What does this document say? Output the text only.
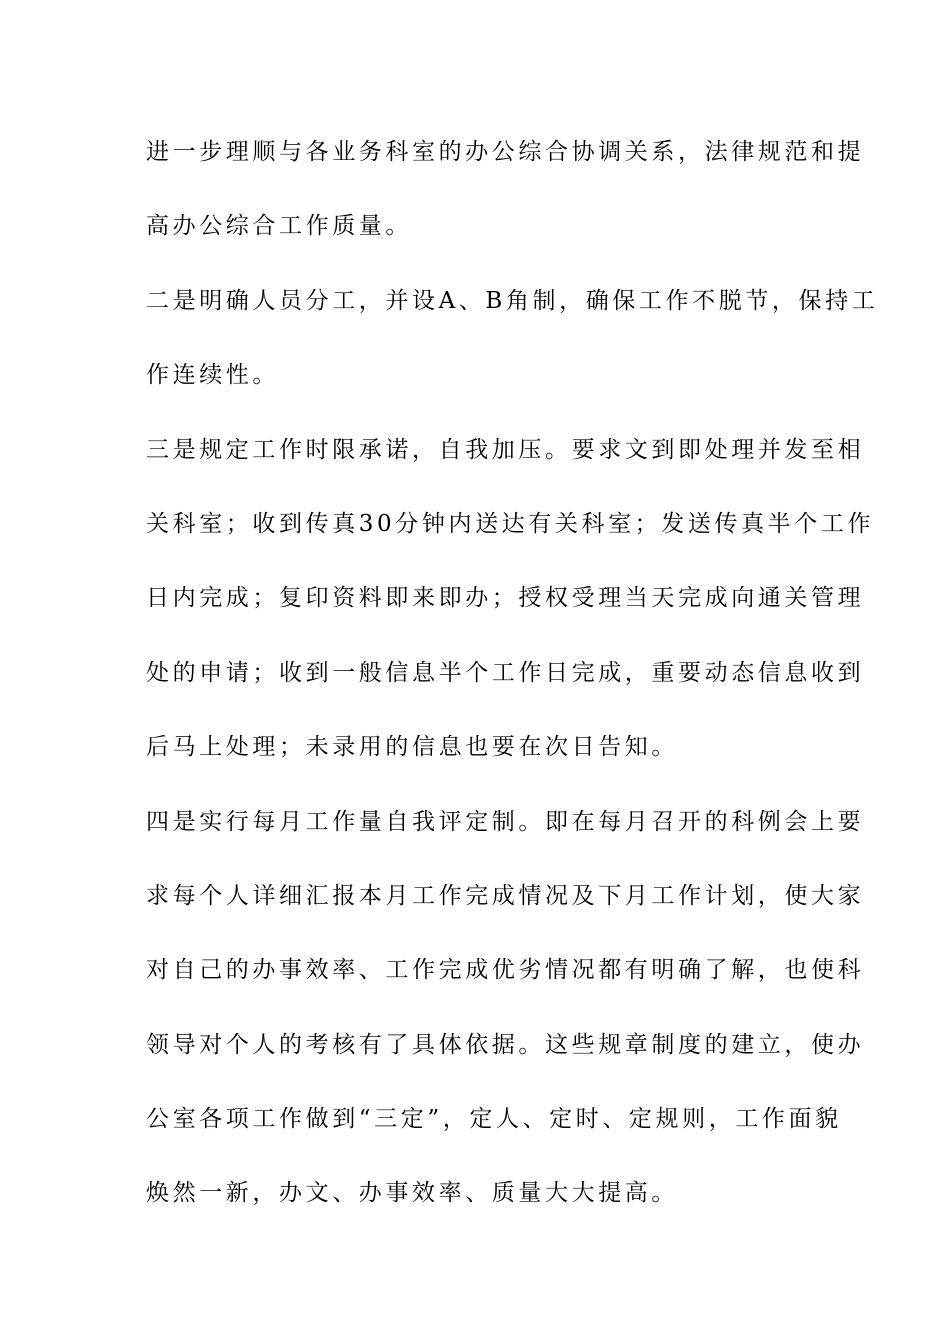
进一步理顺与各业务科室的办公综合协调关系，法律规范和提
高办公综合工作质量。
二是明确人员分工，并设A、B角制，确保工作不脱节，保持工
作连续性。
三是规定工作时限承诺，自我加压。要求文到即处理并发至相
关科室；收到传真30分钟内送达有关科室；发送传真半个工作
日内完成；复印资料即来即办；授权受理当天完成向通关管理
处的申请；收到一般信息半个工作日完成，重要动态信息收到
后马上处理；未录用的信息也要在次日告知。
四是实行每月工作量自我评定制。即在每月召开的科例会上要
求每个人详细汇报本月工作完成情况及下月工作计划，使大家
对自己的办事效率、工作完成优劣情况都有明确了解，也使科
领导对个人的考核有了具体依据。这些规章制度的建立，使办
公室各项工作做到“三定”，定人、定时、定规则，工作面貌
焕然一新，办文、办事效率、质量大大提高。
